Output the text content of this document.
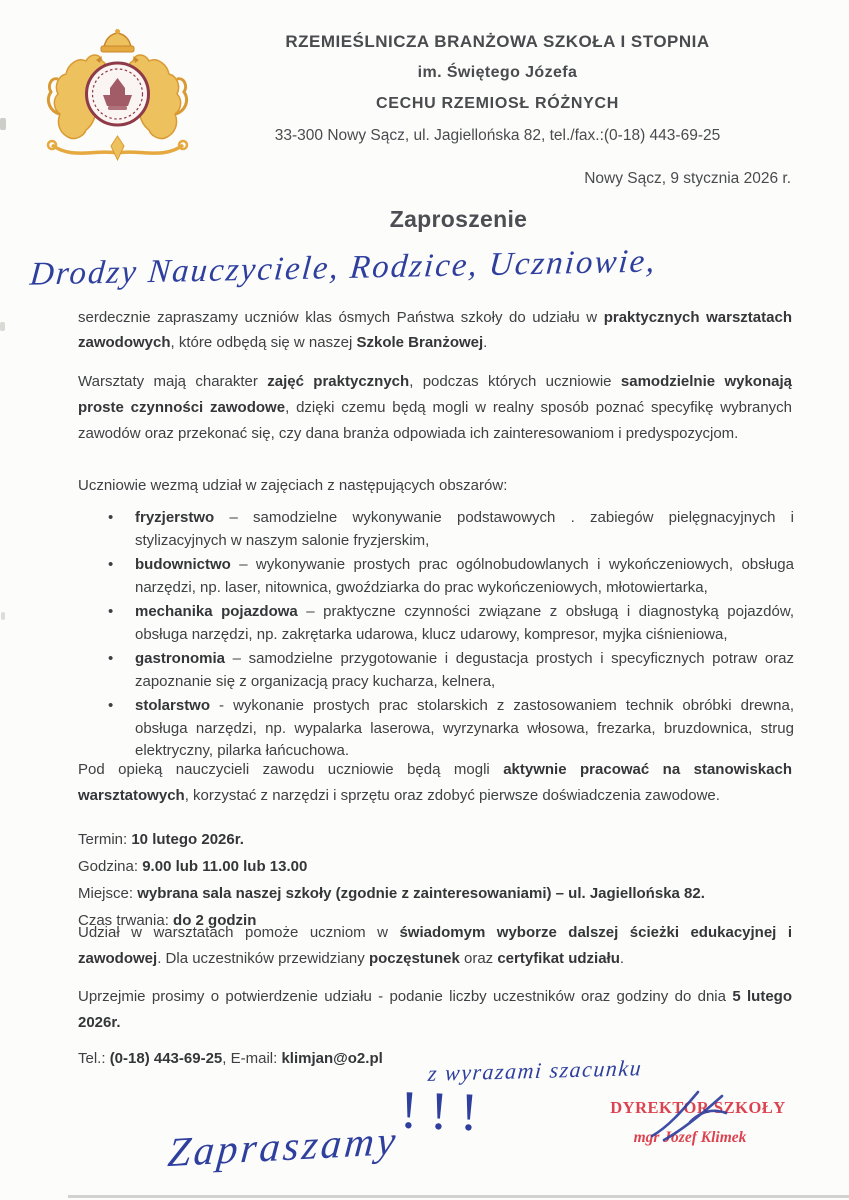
RZEMIEŚLNICZA BRANŻOWA SZKOŁA I STOPNIA
im. Świętego Józefa
CECHU RZEMIOSŁ RÓŻNYCH
33-300 Nowy Sącz, ul. Jagiellońska 82, tel./fax.:(0-18) 443-69-25
Nowy Sącz, 9 stycznia 2026 r.
Zaproszenie
Drodzy Nauczyciele, Rodzice, Uczniowie,

serdecznie zapraszamy uczniów klas ósmych Państwa szkoły do udziału w praktycznych warsztatach zawodowych, które odbędą się w naszej Szkole Branżowej.

Warsztaty mają charakter zajęć praktycznych, podczas których uczniowie samodzielnie wykonają proste czynności zawodowe, dzięki czemu będą mogli w realny sposób poznać specyfikę wybranych zawodów oraz przekonać się, czy dana branża odpowiada ich zainteresowaniom i predyspozycjom.

Uczniowie wezmą udział w zajęciach z następujących obszarów:
• fryzjerstwo – samodzielne wykonywanie podstawowych . zabiegów pielęgnacyjnych i stylizacyjnych w naszym salonie fryzjerskim,
• budownictwo – wykonywanie prostych prac ogólnobudowlanych i wykończeniowych, obsługa narzędzi, np. laser, nitownica, gwoździarka do prac wykończeniowych, młotowiertarka,
• mechanika pojazdowa – praktyczne czynności związane z obsługą i diagnostyką pojazdów, obsługa narzędzi, np. zakrętarka udarowa, klucz udarowy, kompresor, myjka ciśnieniowa,
• gastronomia – samodzielne przygotowanie i degustacja prostych i specyficznych potraw oraz zapoznanie się z organizacją pracy kucharza, kelnera,
• stolarstwo - wykonanie prostych prac stolarskich z zastosowaniem technik obróbki drewna, obsługa narzędzi, np. wypalarka laserowa, wyrzynarka włosowa, frezarka, bruzdownica, strug elektryczny, pilarka łańcuchowa.

Pod opieką nauczycieli zawodu uczniowie będą mogli aktywnie pracować na stanowiskach warsztatowych, korzystać z narzędzi i sprzętu oraz zdobyć pierwsze doświadczenia zawodowe.

Termin: 10 lutego 2026r.
Godzina: 9.00 lub 11.00 lub 13.00
Miejsce: wybrana sala naszej szkoły (zgodnie z zainteresowaniami) – ul. Jagiellońska 82.
Czas trwania: do 2 godzin

Udział w warsztatach pomoże uczniom w świadomym wyborze dalszej ścieżki edukacyjnej i zawodowej. Dla uczestników przewidziany poczęstunek oraz certyfikat udziału.

Uprzejmie prosimy o potwierdzenie udziału - podanie liczby uczestników oraz godziny do dnia 5 lutego 2026r.

Tel.: (0-18) 443-69-25, E-mail: klimjan@o2.pl	z wyrazami szacunku
DYREKTOR SZKOŁY
mgr Józef Klimek
Zapraszamy
!!!
